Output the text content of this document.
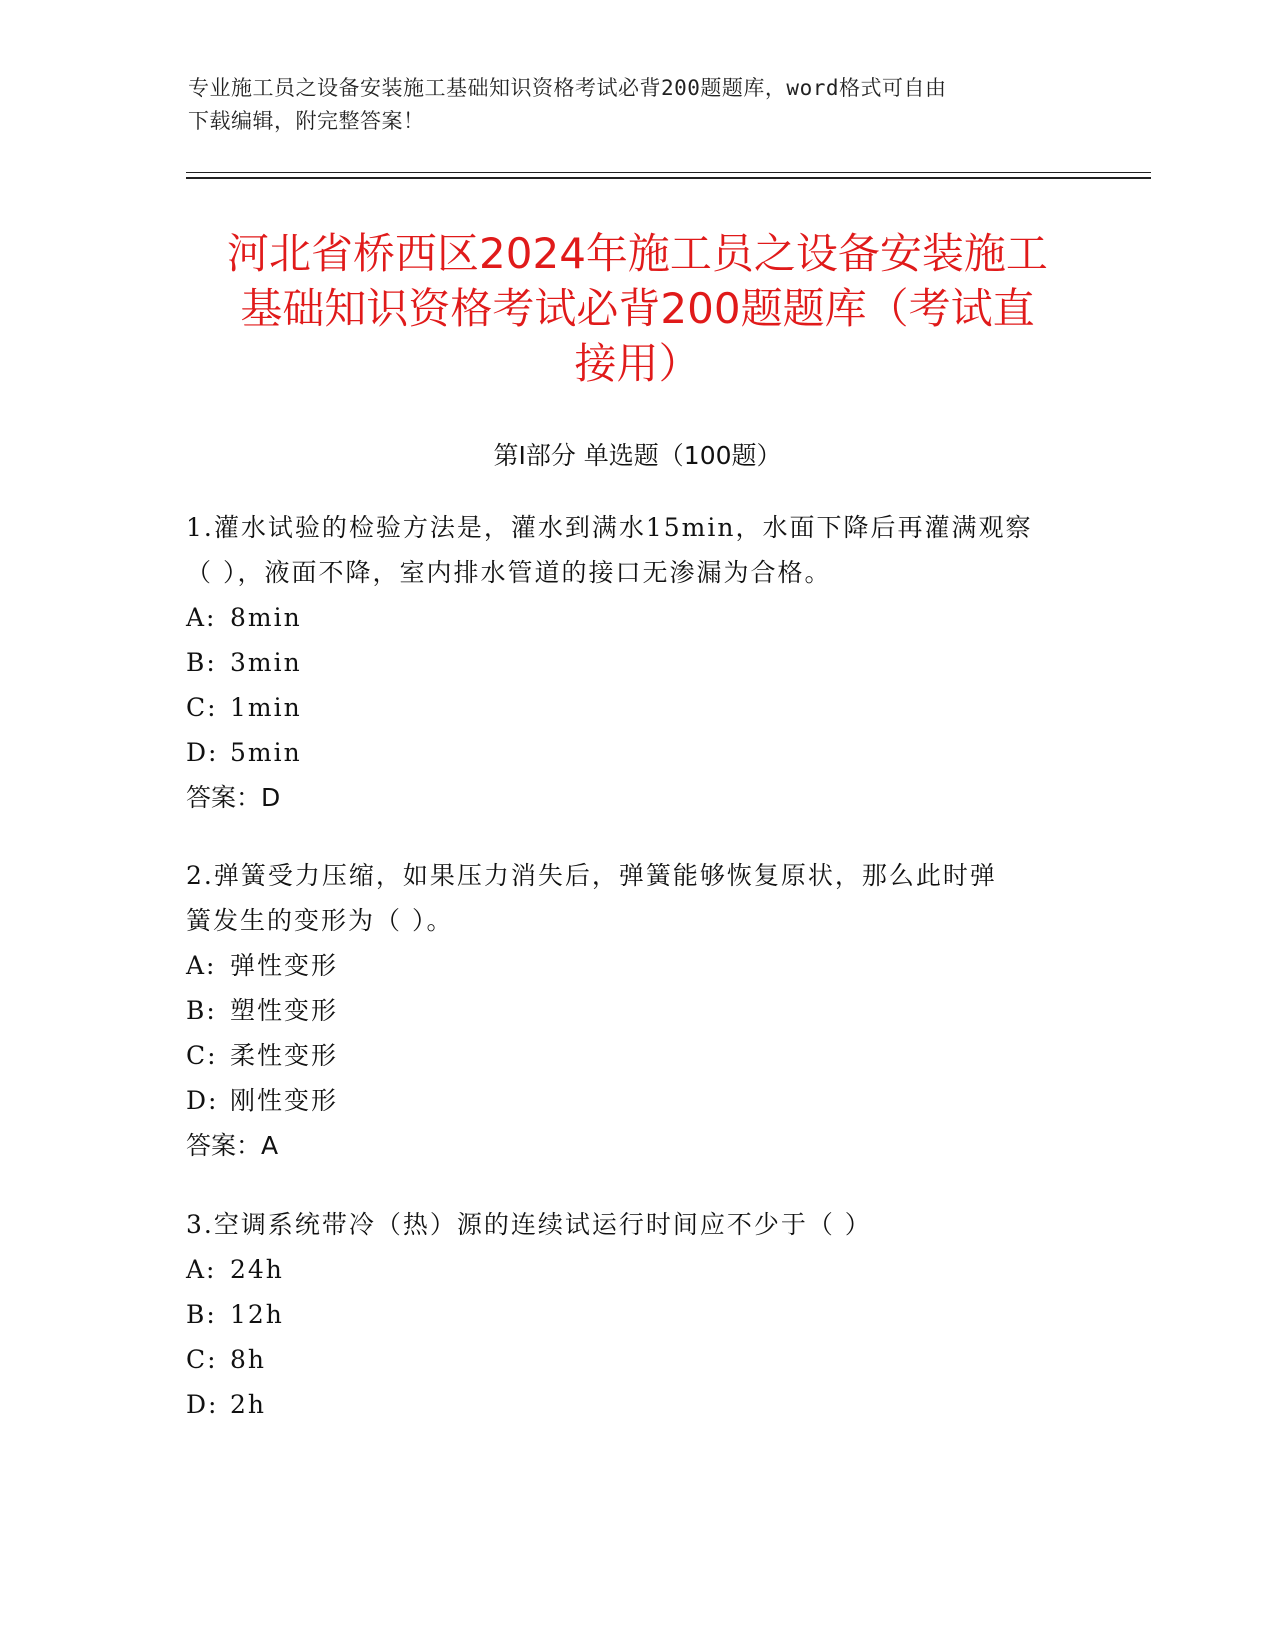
专业施工员之设备安装施工基础知识资格考试必背200题题库，word格式可自由
下载编辑，附完整答案！
河北省桥西区2024年施工员之设备安装施工
基础知识资格考试必背200题题库（考试直
接用）
第Ⅰ部分 单选题（100题）
1.灌水试验的检验方法是，灌水到满水15min，水面下降后再灌满观察
（ ），液面不降，室内排水管道的接口无渗漏为合格。
A: 8min
B: 3min
C: 1min
D: 5min
答案：D
2.弹簧受力压缩，如果压力消失后，弹簧能够恢复原状，那么此时弹
簧发生的变形为（ ）。
A: 弹性变形
B: 塑性变形
C: 柔性变形
D: 刚性变形
答案：A
3.空调系统带冷（热）源的连续试运行时间应不少于（ ）
A: 24h
B: 12h
C: 8h
D: 2h
